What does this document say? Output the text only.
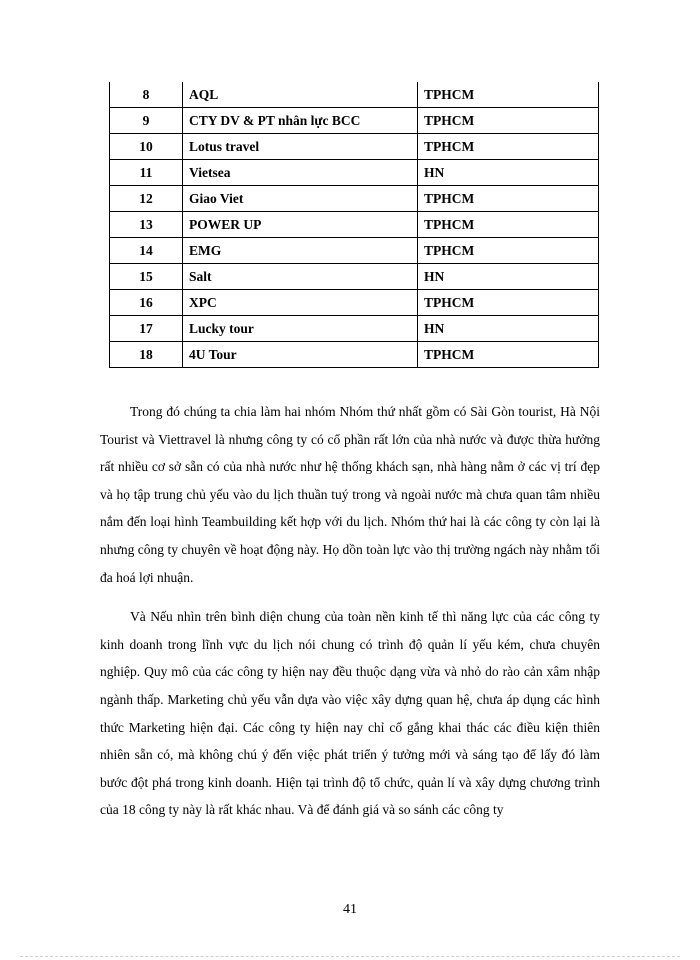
8	AQL	TPHCM
9	CTY DV & PT nhân lực BCC	TPHCM
10	Lotus travel	TPHCM
11	Vietsea	HN
12	Giao Viet	TPHCM
13	POWER UP	TPHCM
14	EMG	TPHCM
15	Salt	HN
16	XPC	TPHCM
17	Lucky tour	HN
18	4U Tour	TPHCM

Trong đó chúng ta chia làm hai nhóm Nhóm thứ nhất gồm có Sài Gòn tourist, Hà Nội Tourist và Viettravel là nhưng công ty có cổ phần rất lớn của nhà nước và được thừa hưởng rất nhiều cơ sở sẵn có của nhà nước như hệ thống khách sạn, nhà hàng nằm ở các vị trí đẹp và họ tập trung chủ yếu vào du lịch thuần tuý trong và ngoài nước mà chưa quan tâm nhiều nắm đến loại hình Teambuilding kết hợp với du lịch. Nhóm thứ hai là các công ty còn lại là nhưng công ty chuyên về hoạt động này. Họ dồn toàn lực vào thị trường ngách này nhằm tối đa hoá lợi nhuận.

Và Nếu nhìn trên bình diện chung của toàn nền kinh tế thì năng lực của các công ty kinh doanh trong lĩnh vực du lịch nói chung có trình độ quản lí yếu kém, chưa chuyên nghiệp. Quy mô của các công ty hiện nay đều thuộc dạng vừa và nhỏ do rào cản xâm nhập ngành thấp. Marketing chủ yếu vẫn dựa vào việc xây dựng quan hệ, chưa áp dụng các hình thức Marketing hiện đại. Các công ty hiện nay chỉ cố gắng khai thác các điều kiện thiên nhiên sẵn có, mà không chú ý đến việc phát triển ý tưởng mới và sáng tạo để lấy đó làm bước đột phá trong kinh doanh. Hiện tại trình độ tổ chức, quản lí và xây dựng chương trình của 18 công ty này là rất khác nhau. Và để đánh giá và so sánh các công ty

41
